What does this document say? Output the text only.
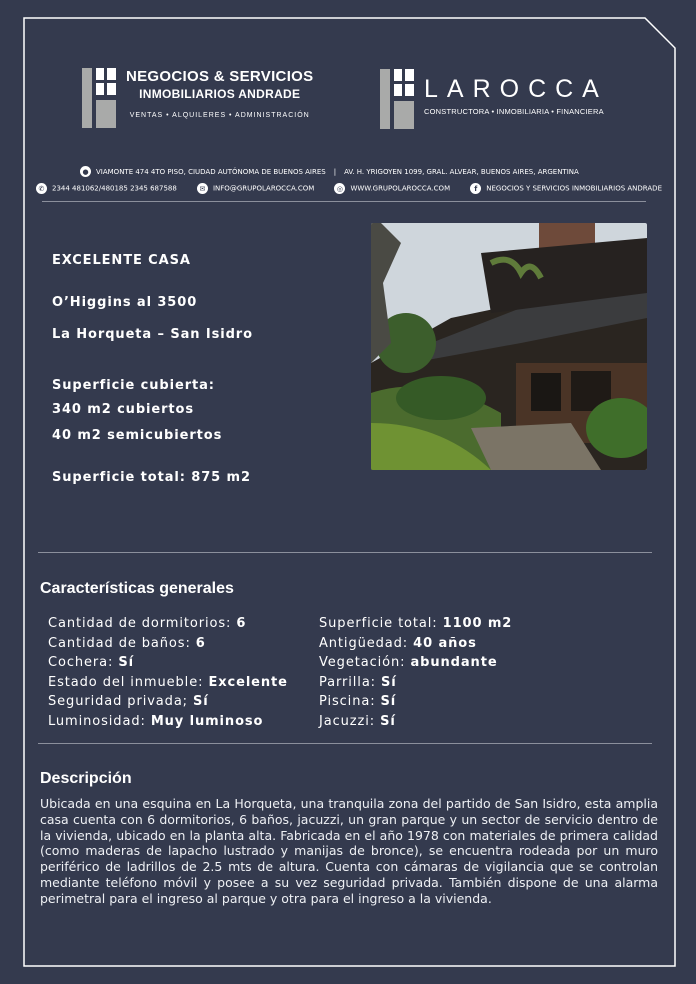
NEGOCIOS & SERVICIOS
INMOBILIARIOS ANDRADE
VENTAS • ALQUILERES • ADMINISTRACIÓN
LAROCCA
CONSTRUCTORA • INMOBILIARIA • FINANCIERA
●	VIAMONTE 474 4TO PISO, CIUDAD AUTÓNOMA DE BUENOS AIRES | AV. H. YRIGOYEN 1099, GRAL. ALVEAR, BUENOS AIRES, ARGENTINA
✆ 2344 481062/480185 2345 687588	✉ INFO@GRUPOLAROCCA.COM	◎ WWW.GRUPOLAROCCA.COM	f NEGOCIOS Y SERVICIOS INMOBILIARIOS ANDRADE
EXCELENTE CASA
O’Higgins al 3500
La Horqueta – San Isidro
Superficie cubierta:
340 m2 cubiertos
40 m2 semicubiertos
Superficie total: 875 m2
Características generales
Cantidad de dormitorios: 6
Cantidad de baños: 6
Cochera: Sí
Estado del inmueble: Excelente
Seguridad privada; Sí
Luminosidad: Muy luminoso
Superficie total: 1100 m2
Antigüedad: 40 años
Vegetación: abundante
Parrilla: Sí
Piscina: Sí
Jacuzzi: Sí
Descripción
Ubicada en una esquina en La Horqueta, una tranquila zona del partido de San Isidro, esta amplia casa cuenta con 6 dormitorios, 6 baños, jacuzzi, un gran parque y un sector de servicio dentro de la vivienda, ubicado en la planta alta. Fabricada en el año 1978 con materiales de primera calidad (como maderas de lapacho lustrado y manijas de bronce), se encuentra rodeada por un muro periférico de ladrillos de 2.5 mts de altura. Cuenta con cámaras de vigilancia que se controlan mediante teléfono móvil y posee a su vez seguridad privada. También dispone de una alarma perimetral para el ingreso al parque y otra para el ingreso a la vivienda.
